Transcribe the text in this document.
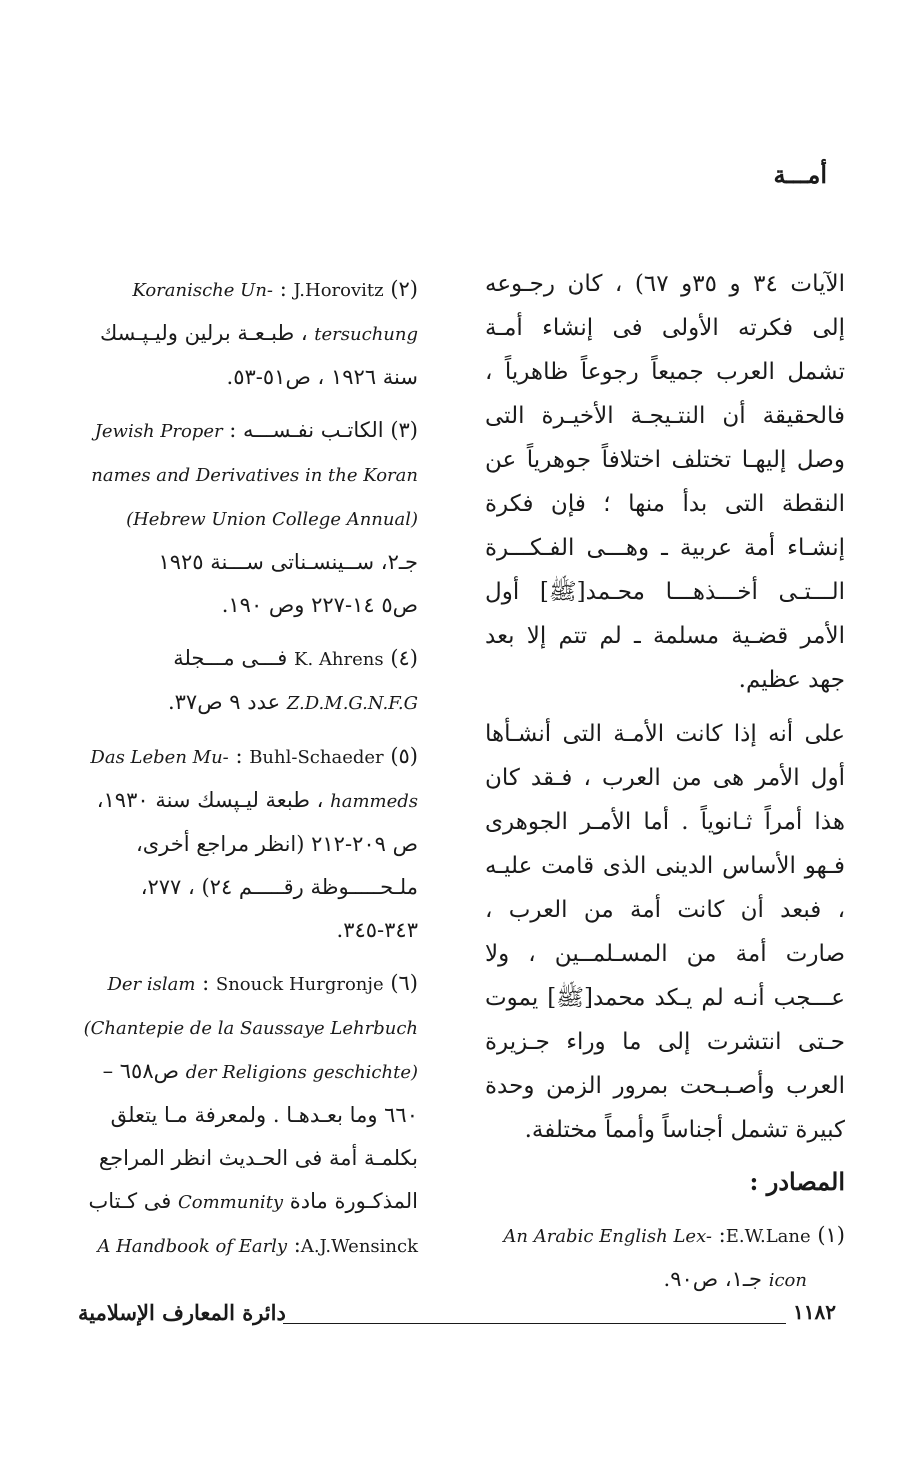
أمـــة

الآيات ٣٤ و ٣٥و ٦٧) ، كان رجـوعه إلى فكرته الأولى فى إنشاء أمـة تشمل العرب جميعاً رجوعاً ظاهرياً ، فالحقيقة أن النتـيجـة الأخيـرة التى وصل إليهـا تختلف اختلافاً جوهرياً عن النقطة التى بدأ منها ؛ فإن فكرة إنشـاء أمة عربية ـ وهـــى الفـكـــرة الـــتـى أخـــذهـــا محـمد[ﷺ] أول الأمر قضـية مسلمة ـ لم تتم إلا بعد جهد عظيم.

على أنه إذا كانت الأمـة التى أنشـأها أول الأمر هى من العرب ، فـقد كان هذا أمراً ثـانوياً . أما الأمـر الجوهرى فـهو الأساس الدينى الذى قامت عليـه ، فبعد أن كانت أمة من العرب ، صارت أمة من المسـلمــين ، ولا عـــجب أنـه لم يـكد محمد[ﷺ] يموت حـتى انتشرت إلى ما وراء جـزيرة العرب وأصـبـحت بمرور الزمن وحدة كبيرة تشمل أجناساً وأمماً مختلفة.

المصادر :
(١) E.W.Lane: An Arabic English Lex-
icon جـ١، ص٩٠.
(٢) J.Horovitz : Koranische Un-
tersuchung ، طبـعـة برلين وليـپـسك
سنة ١٩٢٦ ، ص٥١-٥٣.
(٣) الكاتـب نفـســـه : Jewish Proper
names and Derivatives in the Koran
(Hebrew Union College Annual)
جـ٢، ســينسـناتى ســـنة ١٩٢٥
ص٥ ١٤-٢٢٧ وص ١٩٠.
(٤) K. Ahrens فـــى مـــجلة
Z.D.M.G.N.F.G عدد ٩ ص٣٧.
(٥) Buhl-Schaeder : Das Leben Mu-
hammeds ، طبعة ليـپسك سنة ١٩٣٠،
ص ٢٠٩-٢١٢ (انظر مراجع أخرى،
ملـحـــــوظة رقـــــم ٢٤) ، ٢٧٧،
٣٤٣-٣٤٥.
(٦) Snouck Hurgronje : Der islam
(Chantepie de la Saussaye Lehrbuch
der Religions geschichte) ص٦٥٨ –
٦٦٠ وما بعـدهـا . ولمعرفة مـا يتعلق
بكلمـة أمة فى الحـديث انظر المراجع
المذكـورة مادة Community فى كـتاب
A.J.Wensinck: A Handbook of Early
١١٨٢
دائرة المعارف الإسلامية
